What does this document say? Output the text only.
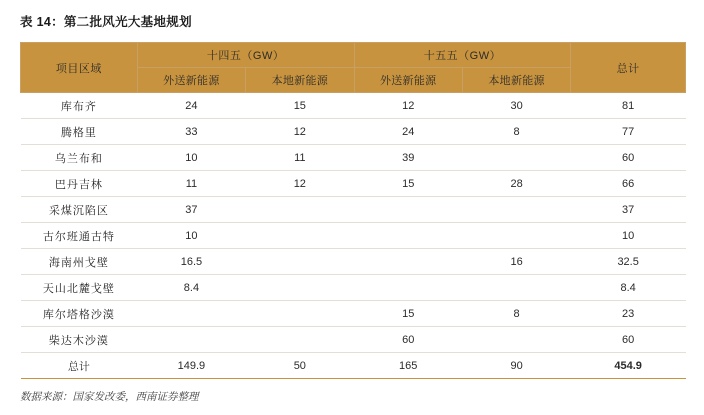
表 14：第二批风光大基地规划
项目区域	十四五（GW）		十五五（GW）		总计
	外送新能源	本地新能源	外送新能源	本地新能源	
库布齐	24	15	12	30	81
腾格里	33	12	24	8	77
乌兰布和	10	11	39		60
巴丹吉林	11	12	15	28	66
采煤沉陷区	37				37
古尔班通古特	10				10
海南州戈壁	16.5			16	32.5
天山北麓戈壁	8.4				8.4
库尔塔格沙漠			15	8	23
柴达木沙漠			60		60
总计	149.9	50	165	90	454.9
数据来源：国家发改委，西南证券整理
